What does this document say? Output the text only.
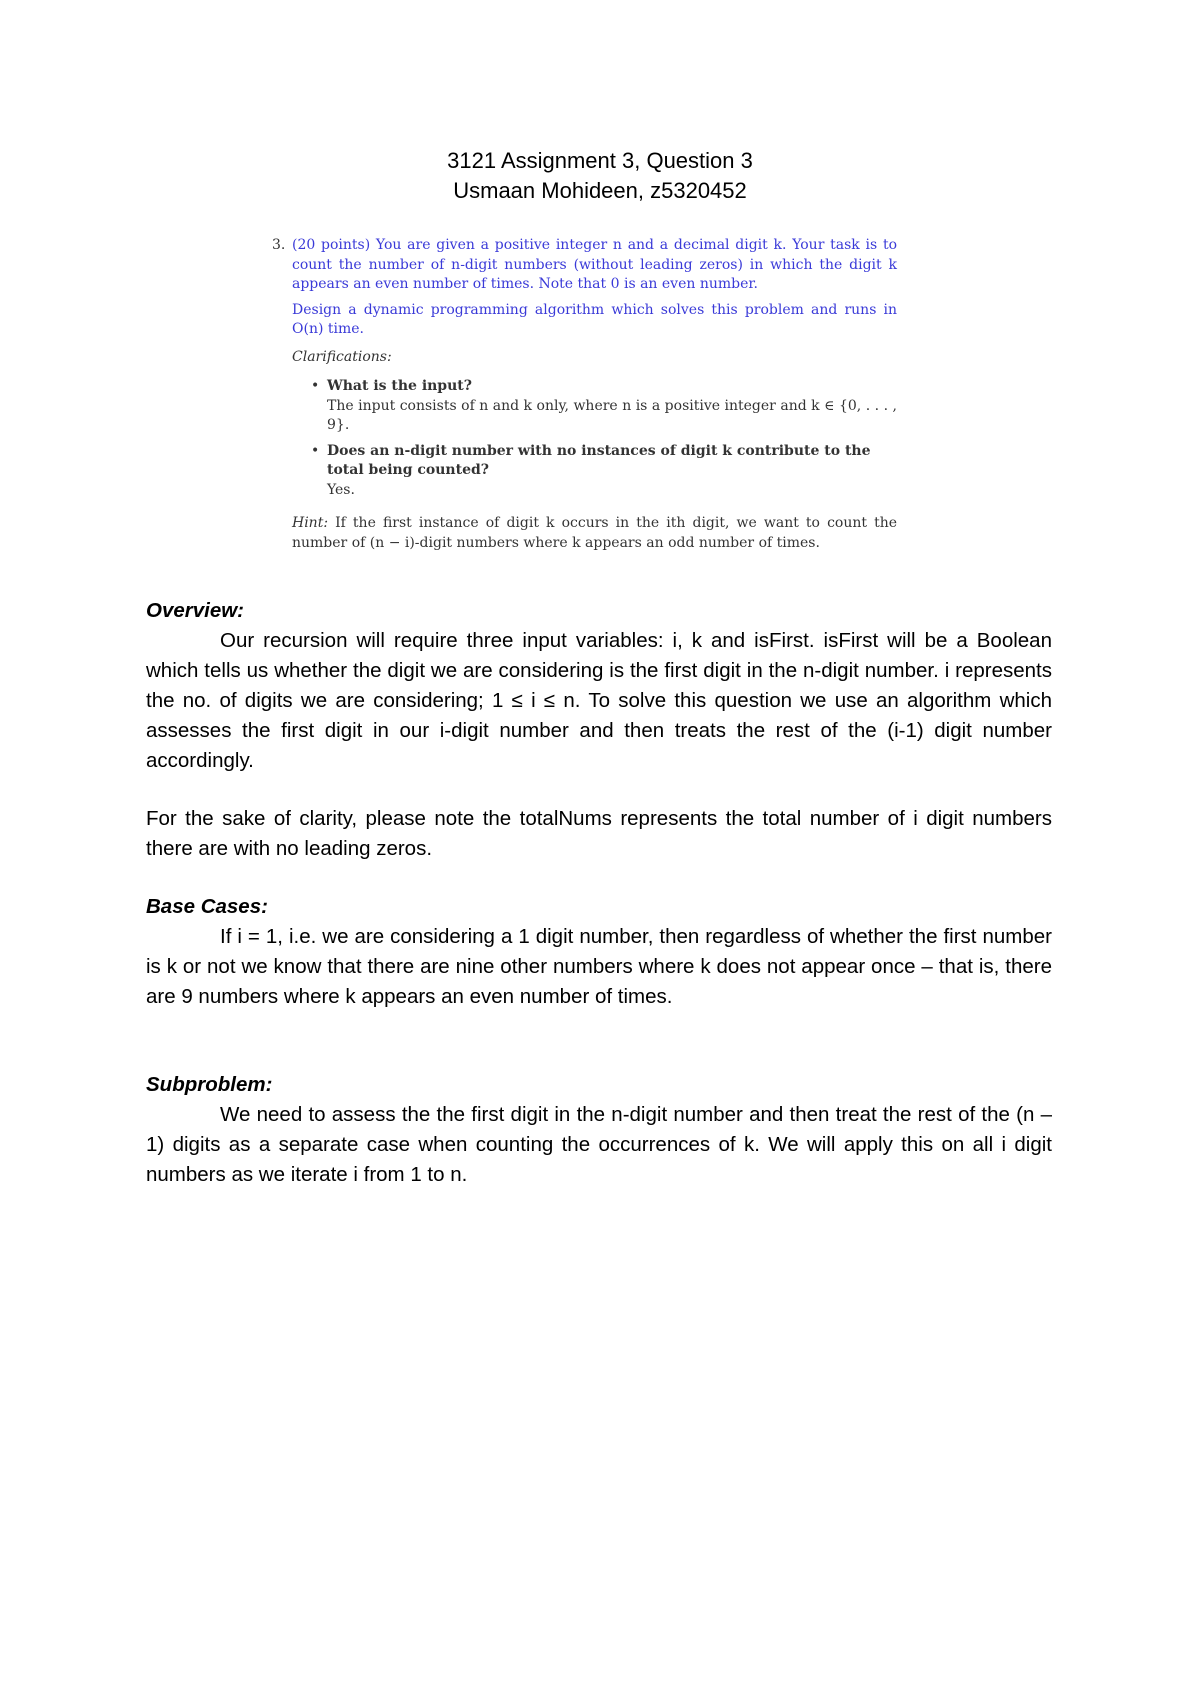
3121 Assignment 3, Question 3
Usmaan Mohideen, z5320452
3. (20 points) You are given a positive integer n and a decimal digit k. Your task is to count the number of n-digit numbers (without leading zeros) in which the digit k appears an even number of times. Note that 0 is an even number.
Design a dynamic programming algorithm which solves this problem and runs in O(n) time.
Clarifications:
• What is the input?
The input consists of n and k only, where n is a positive integer and k ∈ {0, . . . , 9}.
• Does an n-digit number with no instances of digit k contribute to the total being counted?
Yes.
Hint: If the first instance of digit k occurs in the ith digit, we want to count the number of (n − i)-digit numbers where k appears an odd number of times.

Overview:

Our recursion will require three input variables: i, k and isFirst. isFirst will be a Boolean which tells us whether the digit we are considering is the first digit in the n-digit number. i represents the no. of digits we are considering; 1 ≤ i ≤ n. To solve this question we use an algorithm which assesses the first digit in our i-digit number and then treats the rest of the (i-1) digit number accordingly.

For the sake of clarity, please note the totalNums represents the total number of i digit numbers there are with no leading zeros.

Base Cases:

If i = 1, i.e. we are considering a 1 digit number, then regardless of whether the first number is k or not we know that there are nine other numbers where k does not appear once – that is, there are 9 numbers where k appears an even number of times.

Subproblem:

We need to assess the the first digit in the n-digit number and then treat the rest of the (n – 1) digits as a separate case when counting the occurrences of k. We will apply this on all i digit numbers as we iterate i from 1 to n.
